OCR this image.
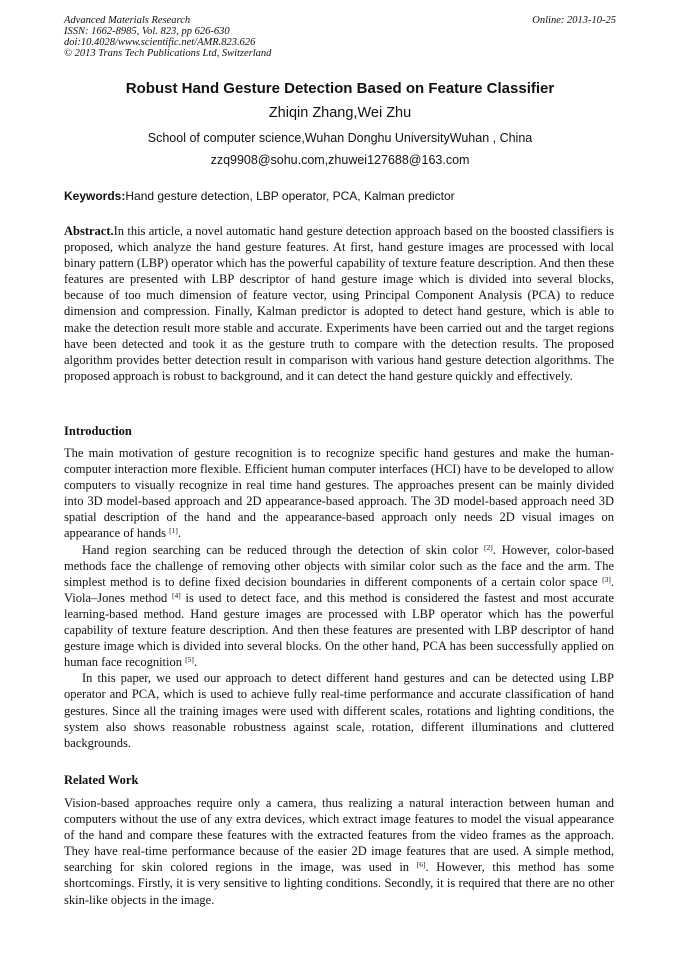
Advanced Materials Research
ISSN: 1662-8985, Vol. 823, pp 626-630
doi:10.4028/www.scientific.net/AMR.823.626
© 2013 Trans Tech Publications Ltd, Switzerland
Online: 2013-10-25
Robust Hand Gesture Detection Based on Feature Classifier
Zhiqin Zhang,Wei Zhu
School of computer science,Wuhan Donghu UniversityWuhan , China
zzq9908@sohu.com,zhuwei127688@163.com
Keywords:Hand gesture detection, LBP operator, PCA, Kalman predictor

Abstract.In this article, a novel automatic hand gesture detection approach based on the boosted classifiers is proposed, which analyze the hand gesture features. At first, hand gesture images are processed with local binary pattern (LBP) operator which has the powerful capability of texture feature description. And then these features are presented with LBP descriptor of hand gesture image which is divided into several blocks, because of too much dimension of feature vector, using Principal Component Analysis (PCA) to reduce dimension and compression. Finally, Kalman predictor is adopted to detect hand gesture, which is able to make the detection result more stable and accurate. Experiments have been carried out and the target regions have been detected and took it as the gesture truth to compare with the detection results. The proposed algorithm provides better detection result in comparison with various hand gesture detection algorithms. The proposed approach is robust to background, and it can detect the hand gesture quickly and effectively.

Introduction

The main motivation of gesture recognition is to recognize specific hand gestures and make the human-computer interaction more flexible. Efficient human computer interfaces (HCI) have to be developed to allow computers to visually recognize in real time hand gestures. The approaches present can be mainly divided into 3D model-based approach and 2D appearance-based approach. The 3D model-based approach need 3D spatial description of the hand and the appearance-based approach only needs 2D visual images on appearance of hands [1].

Hand region searching can be reduced through the detection of skin color [2]. However, color-based methods face the challenge of removing other objects with similar color such as the face and the arm. The simplest method is to define fixed decision boundaries in different components of a certain color space [3]. Viola–Jones method [4] is used to detect face, and this method is considered the fastest and most accurate learning-based method. Hand gesture images are processed with LBP operator which has the powerful capability of texture feature description. And then these features are presented with LBP descriptor of hand gesture image which is divided into several blocks. On the other hand, PCA has been successfully applied on human face recognition [5].

In this paper, we used our approach to detect different hand gestures and can be detected using LBP operator and PCA, which is used to achieve fully real-time performance and accurate classification of hand gestures. Since all the training images were used with different scales, rotations and lighting conditions, the system also shows reasonable robustness against scale, rotation, different illuminations and cluttered backgrounds.

Related Work

Vision-based approaches require only a camera, thus realizing a natural interaction between human and computers without the use of any extra devices, which extract image features to model the visual appearance of the hand and compare these features with the extracted features from the video frames as the approach. They have real-time performance because of the easier 2D image features that are used. A simple method, searching for skin colored regions in the image, was used in [6]. However, this method has some shortcomings. Firstly, it is very sensitive to lighting conditions. Secondly, it is required that there are no other skin-like objects in the image.
